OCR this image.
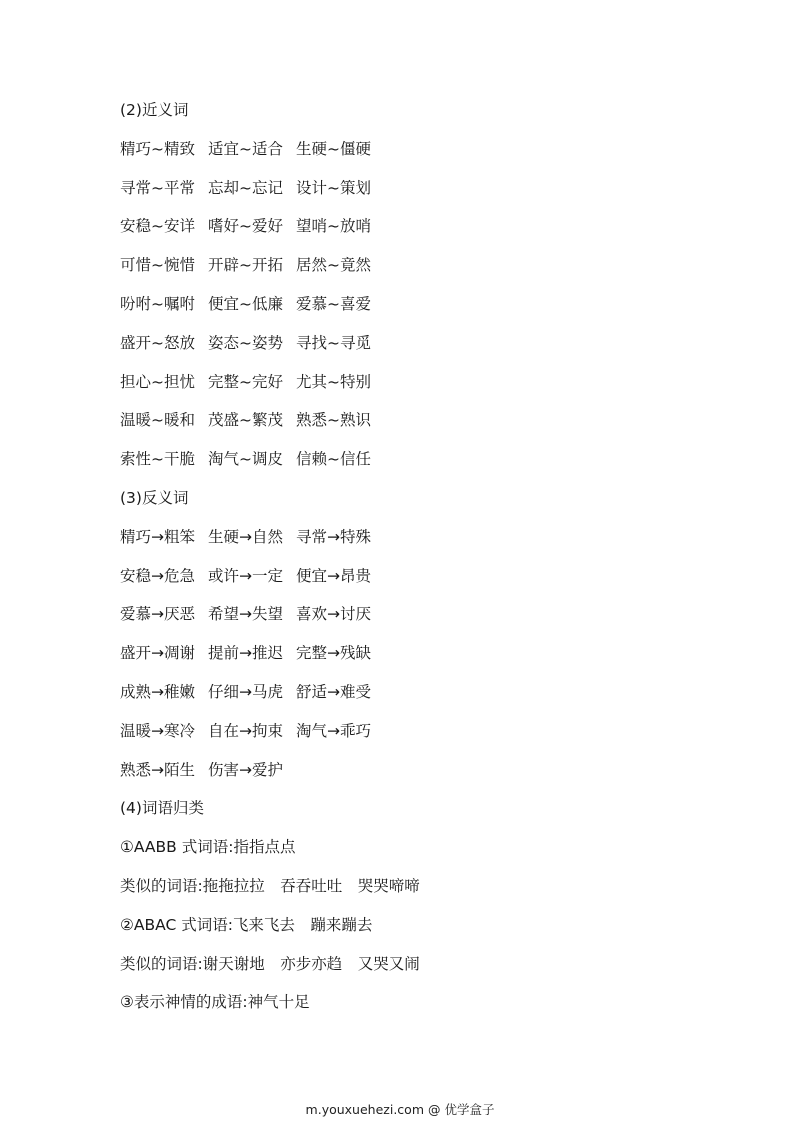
(2)近义词
精巧~精致 适宜~适合 生硬~僵硬
寻常~平常 忘却~忘记 设计~策划
安稳~安详 嗜好~爱好 望哨~放哨
可惜~惋惜 开辟~开拓 居然~竟然
吩咐~嘱咐 便宜~低廉 爱慕~喜爱
盛开~怒放 姿态~姿势 寻找~寻觅
担心~担忧 完整~完好 尤其~特别
温暖~暖和 茂盛~繁茂 熟悉~熟识
索性~干脆 淘气~调皮 信赖~信任
(3)反义词
精巧→粗笨 生硬→自然 寻常→特殊
安稳→危急 或许→一定 便宜→昂贵
爱慕→厌恶 希望→失望 喜欢→讨厌
盛开→凋谢 提前→推迟 完整→残缺
成熟→稚嫩 仔细→马虎 舒适→难受
温暖→寒冷 自在→拘束 淘气→乖巧
熟悉→陌生 伤害→爱护
(4)词语归类
①AABB 式词语:指指点点
类似的词语:拖拖拉拉　吞吞吐吐　哭哭啼啼
②ABAC 式词语:飞来飞去　蹦来蹦去
类似的词语:谢天谢地　亦步亦趋　又哭又闹
③表示神情的成语:神气十足
m.youxuehezi.com @ 优学盒子
